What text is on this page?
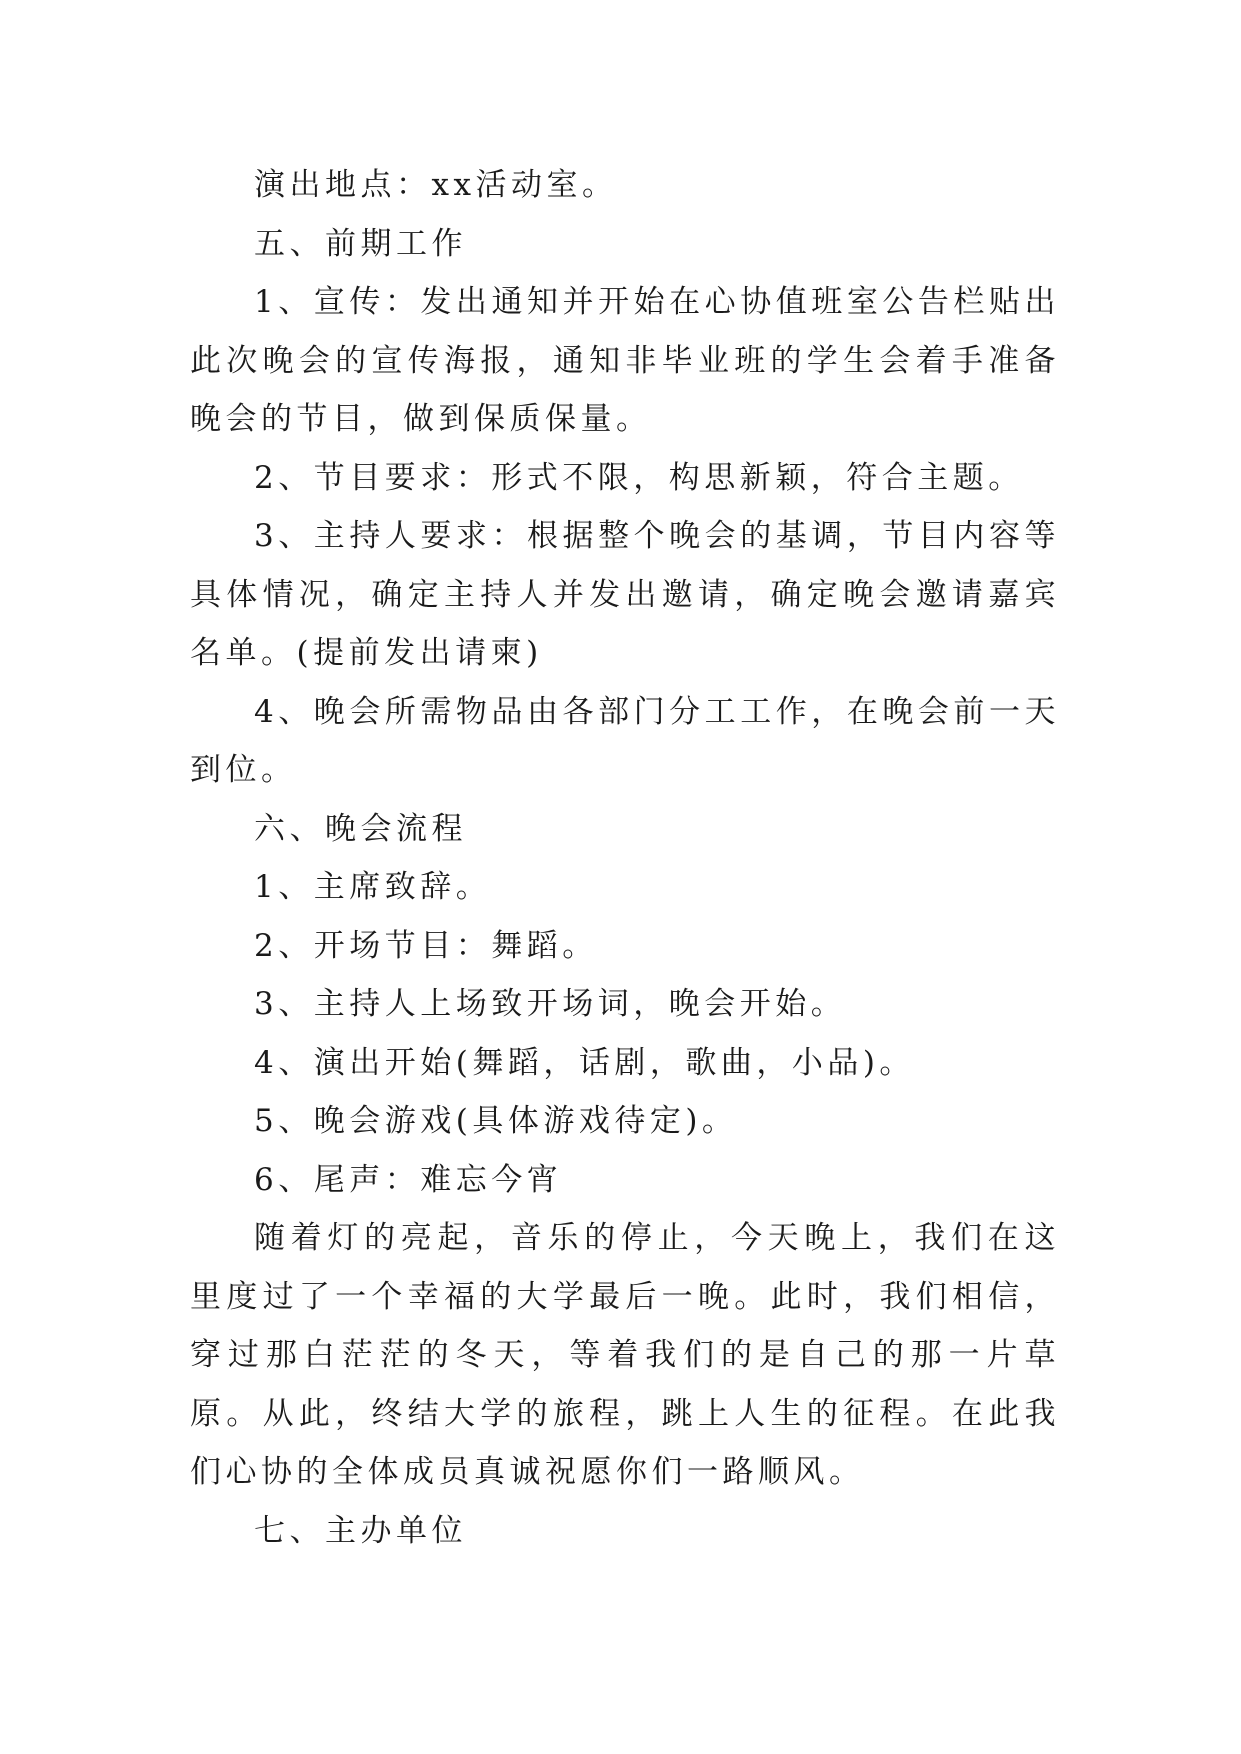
演出地点：xx活动室。

五、前期工作

1、宣传：发出通知并开始在心协值班室公告栏贴出此次晚会的宣传海报，通知非毕业班的学生会着手准备晚会的节目，做到保质保量。

2、节目要求：形式不限，构思新颖，符合主题。

3、主持人要求：根据整个晚会的基调，节目内容等具体情况，确定主持人并发出邀请，确定晚会邀请嘉宾名单。(提前发出请柬)

4、晚会所需物品由各部门分工工作，在晚会前一天到位。

六、晚会流程

1、主席致辞。

2、开场节目：舞蹈。

3、主持人上场致开场词，晚会开始。

4、演出开始(舞蹈，话剧，歌曲，小品)。

5、晚会游戏(具体游戏待定)。

6、尾声：难忘今宵

随着灯的亮起，音乐的停止，今天晚上，我们在这里度过了一个幸福的大学最后一晚。此时，我们相信，穿过那白茫茫的冬天，等着我们的是自己的那一片草原。从此，终结大学的旅程，跳上人生的征程。在此我们心协的全体成员真诚祝愿你们一路顺风。

七、主办单位
